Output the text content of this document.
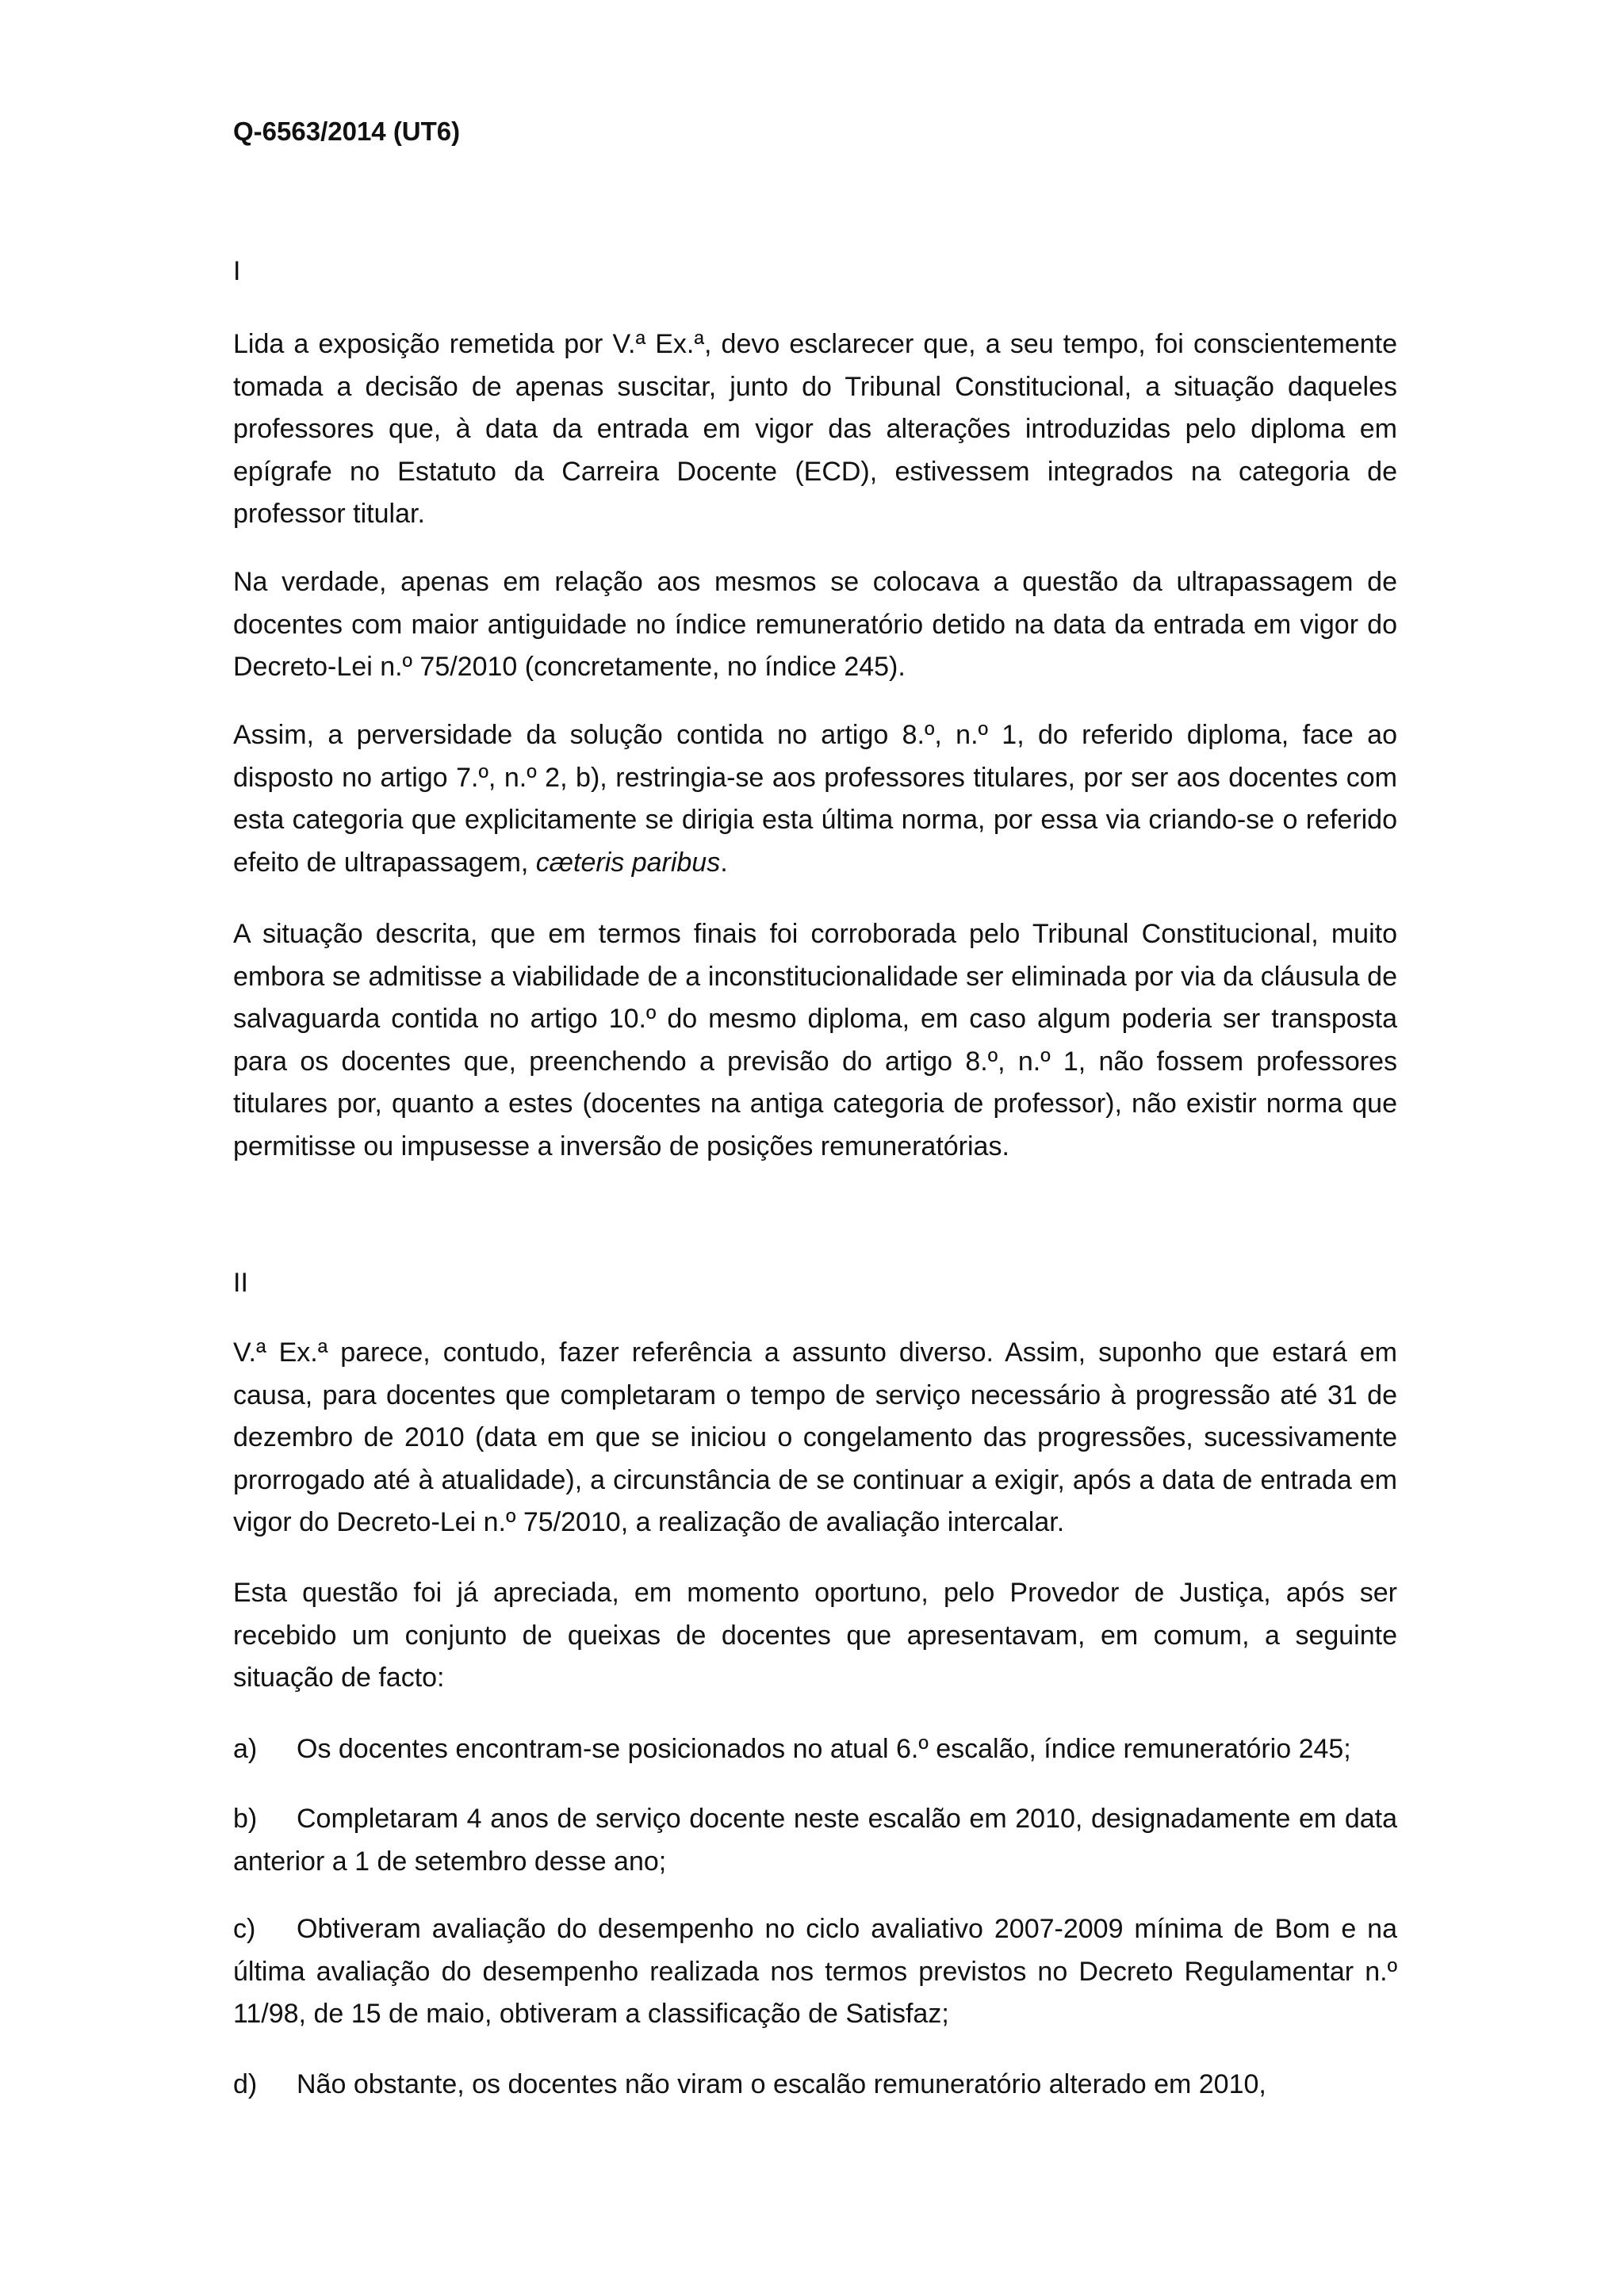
Q-6563/2014 (UT6)

I

Lida a exposição remetida por V.ª Ex.ª, devo esclarecer que, a seu tempo, foi conscientemente tomada a decisão de apenas suscitar, junto do Tribunal Constitucional, a situação daqueles professores que, à data da entrada em vigor das alterações introduzidas pelo diploma em epígrafe no Estatuto da Carreira Docente (ECD), estivessem integrados na categoria de professor titular.

Na verdade, apenas em relação aos mesmos se colocava a questão da ultrapassagem de docentes com maior antiguidade no índice remuneratório detido na data da entrada em vigor do Decreto-Lei n.º 75/2010 (concretamente, no índice 245).

Assim, a perversidade da solução contida no artigo 8.º, n.º 1, do referido diploma, face ao disposto no artigo 7.º, n.º 2, b), restringia-se aos professores titulares, por ser aos docentes com esta categoria que explicitamente se dirigia esta última norma, por essa via criando-se o referido efeito de ultrapassagem, cæteris paribus.

A situação descrita, que em termos finais foi corroborada pelo Tribunal Constitucional, muito embora se admitisse a viabilidade de a inconstitucionalidade ser eliminada por via da cláusula de salvaguarda contida no artigo 10.º do mesmo diploma, em caso algum poderia ser transposta para os docentes que, preenchendo a previsão do artigo 8.º, n.º 1, não fossem professores titulares por, quanto a estes (docentes na antiga categoria de professor), não existir norma que permitisse ou impusesse a inversão de posições remuneratórias.

II

V.ª Ex.ª parece, contudo, fazer referência a assunto diverso. Assim, suponho que estará em causa, para docentes que completaram o tempo de serviço necessário à progressão até 31 de dezembro de 2010 (data em que se iniciou o congelamento das progressões, sucessivamente prorrogado até à atualidade), a circunstância de se continuar a exigir, após a data de entrada em vigor do Decreto-Lei n.º 75/2010, a realização de avaliação intercalar.

Esta questão foi já apreciada, em momento oportuno, pelo Provedor de Justiça, após ser recebido um conjunto de queixas de docentes que apresentavam, em comum, a seguinte situação de facto:

a) Os docentes encontram-se posicionados no atual 6.º escalão, índice remuneratório 245;

b) Completaram 4 anos de serviço docente neste escalão em 2010, designadamente em data anterior a 1 de setembro desse ano;

c) Obtiveram avaliação do desempenho no ciclo avaliativo 2007-2009 mínima de Bom e na última avaliação do desempenho realizada nos termos previstos no Decreto Regulamentar n.º 11/98, de 15 de maio, obtiveram a classificação de Satisfaz;

d) Não obstante, os docentes não viram o escalão remuneratório alterado em 2010,
